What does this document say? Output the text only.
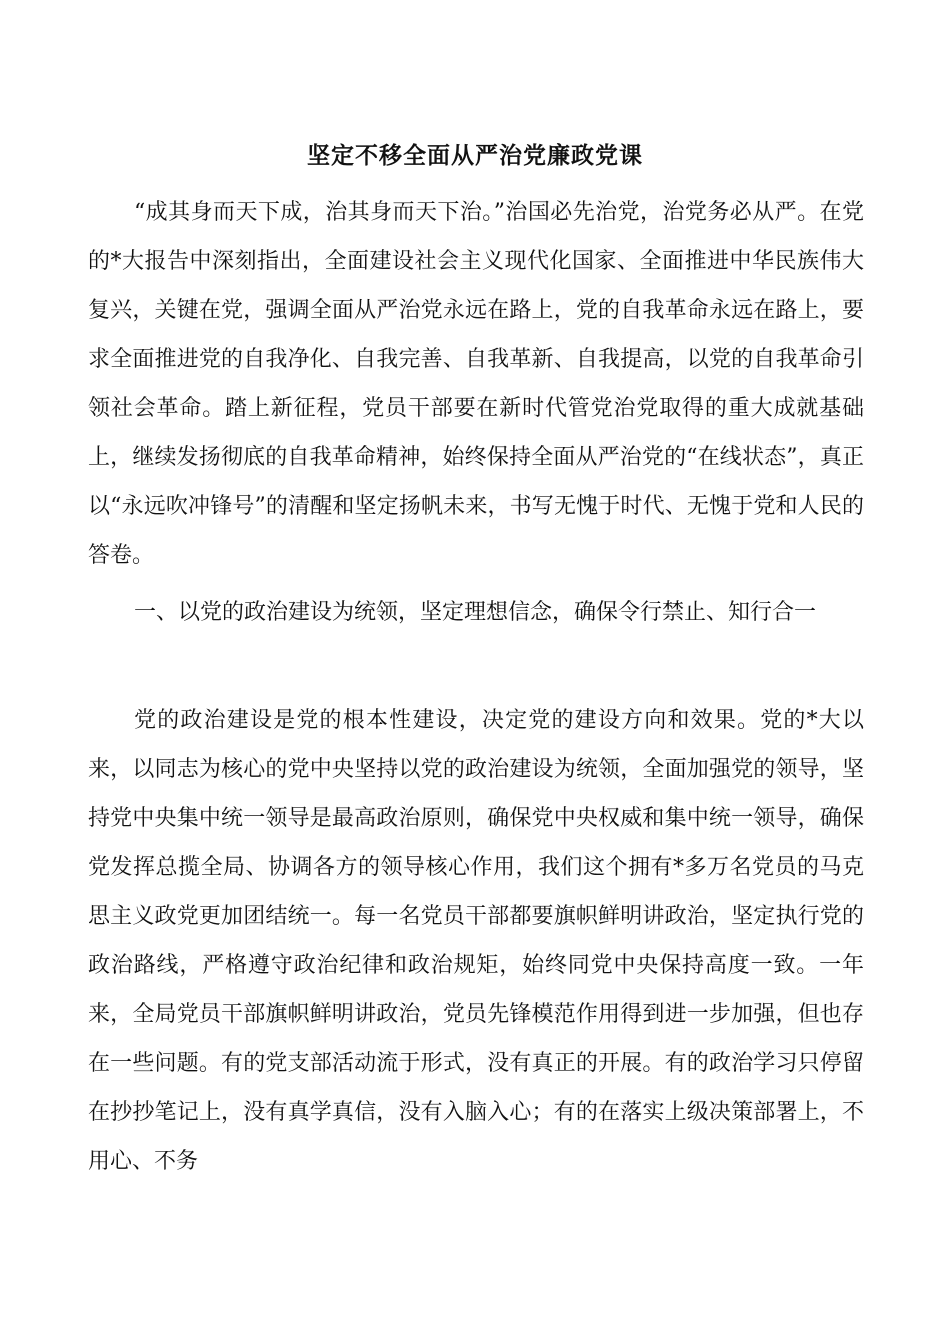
坚定不移全面从严治党廉政党课

“成其身而天下成，治其身而天下治。”治国必先治党，治党务必从严。在党的*大报告中深刻指出，全面建设社会主义现代化国家、全面推进中华民族伟大复兴，关键在党，强调全面从严治党永远在路上，党的自我革命永远在路上，要求全面推进党的自我净化、自我完善、自我革新、自我提高，以党的自我革命引领社会革命。踏上新征程，党员干部要在新时代管党治党取得的重大成就基础上，继续发扬彻底的自我革命精神，始终保持全面从严治党的“在线状态”，真正以“永远吹冲锋号”的清醒和坚定扬帆未来，书写无愧于时代、无愧于党和人民的答卷。

一、以党的政治建设为统领，坚定理想信念，确保令行禁止、知行合一

党的政治建设是党的根本性建设，决定党的建设方向和效果。党的*大以来，以同志为核心的党中央坚持以党的政治建设为统领，全面加强党的领导，坚持党中央集中统一领导是最高政治原则，确保党中央权威和集中统一领导，确保党发挥总揽全局、协调各方的领导核心作用，我们这个拥有*多万名党员的马克思主义政党更加团结统一。每一名党员干部都要旗帜鲜明讲政治，坚定执行党的政治路线，严格遵守政治纪律和政治规矩，始终同党中央保持高度一致。一年来，全局党员干部旗帜鲜明讲政治，党员先锋模范作用得到进一步加强，但也存在一些问题。有的党支部活动流于形式，没有真正的开展。有的政治学习只停留在抄抄笔记上，没有真学真信，没有入脑入心；有的在落实上级决策部署上，不用心、不务
